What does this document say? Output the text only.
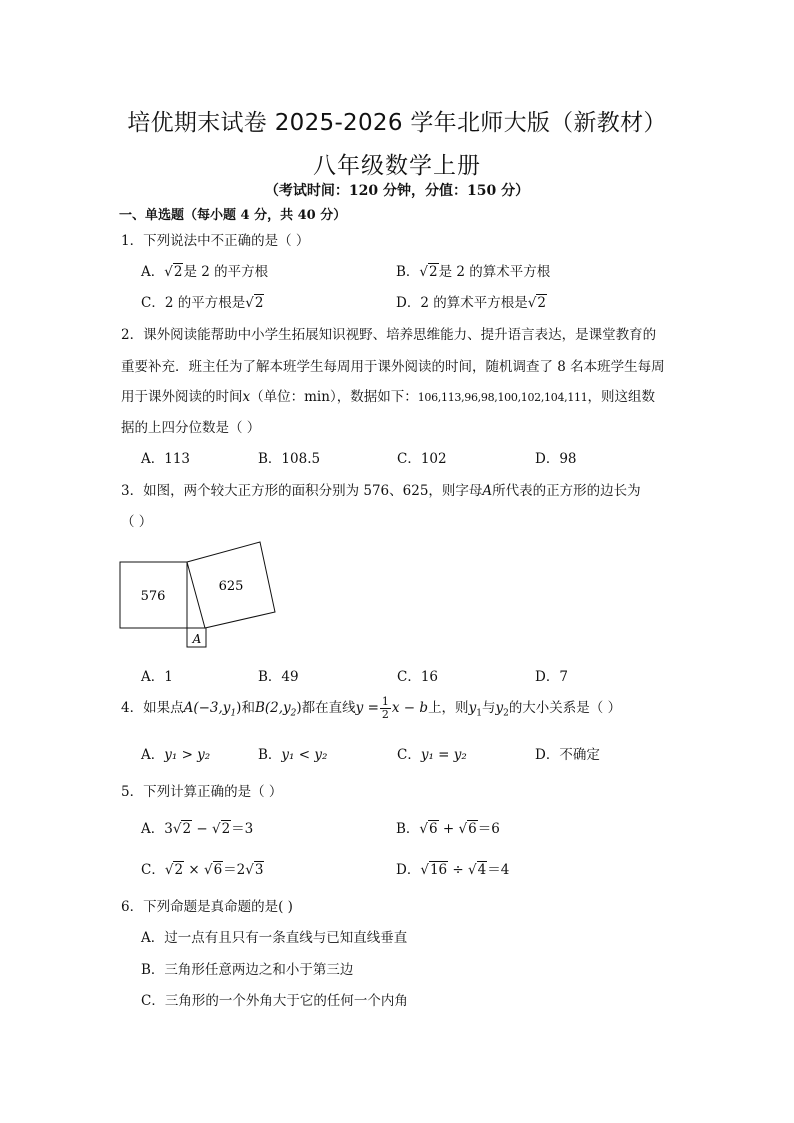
培优期末试卷 2025-2026 学年北师大版（新教材）
八年级数学上册
（考试时间：120 分钟，分值：150 分）
一、单选题（每小题 4 分，共 40 分）
1．下列说法中不正确的是（ ）
A．√2是 2 的平方根	B．√2是 2 的算术平方根
C．2 的平方根是√2	D．2 的算术平方根是√2
2．课外阅读能帮助中小学生拓展知识视野、培养思维能力、提升语言表达，是课堂教育的
重要补充．班主任为了解本班学生每周用于课外阅读的时间，随机调查了 8 名本班学生每周
用于课外阅读的时间x（单位：min），数据如下：106,113,96,98,100,102,104,111，则这组数
据的上四分位数是（ ）
A．113	B．108.5	C．102	D．98
3．如图，两个较大正方形的面积分别为 576、625，则字母A所代表的正方形的边长为
（ ）
576
625
A
A．1	B．49	C．16	D．7
4．如果点$A(-3,y_1)$和$B(2,y_2)$都在直线$y = \frac{1}{2}$ x − b上，则$y_1$与$y_2$的大小关系是（ ）
A．y₁ > y₂	B．y₁ < y₂	C．y₁ = y₂	D．不确定
5．下列计算正确的是（ ）
A．3√2 − √2＝3	B．√6 + √6＝6
C．√2 × √6＝2√3	D．√16 ÷ √4＝4
6．下列命题是真命题的是( )
A．过一点有且只有一条直线与已知直线垂直
B．三角形任意两边之和小于第三边
C．三角形的一个外角大于它的任何一个内角
